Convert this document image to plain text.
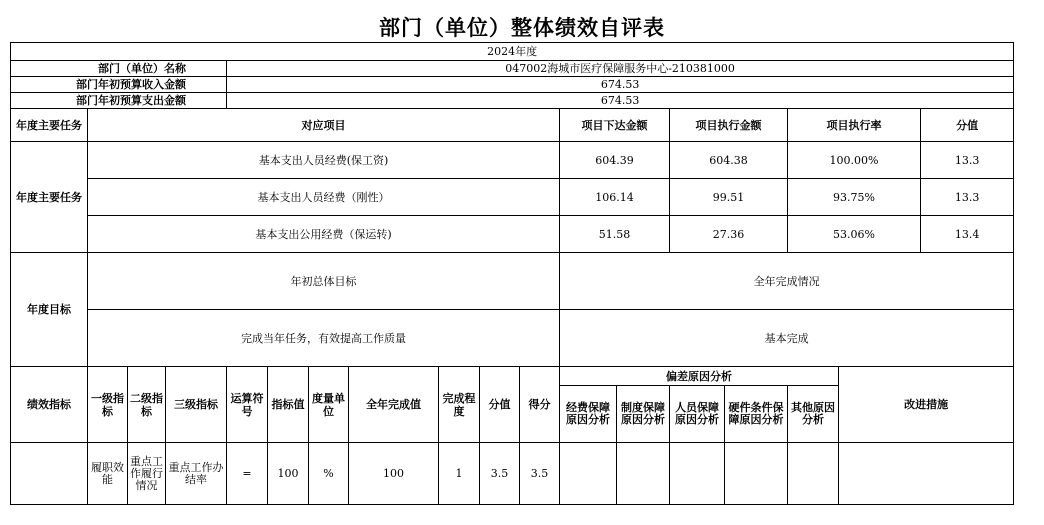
部门（单位）整体绩效自评表
2024年度																		
部门（单位）名称				047002海城市医疗保障服务中心-210381000														
部门年初预算收入金额				674.53														
部门年初预算支出金额				674.53														
年度主要任务	对应项目										项目下达金额		项目执行金额		项目执行率		分值	
年度主要任务	基本支出人员经费(保工资)										604.39		604.38		100.00%		13.3	
	基本支出人员经费（刚性）										106.14		99.51		93.75%		13.3	
	基本支出公用经费（保运转)										51.58		27.36		53.06%		13.4	
年度目标	年初总体目标										全年完成情况							
	完成当年任务，有效提高工作质量										基本完成							
绩效指标	一级指标	二级指标	三级指标	运算符号	指标值	度量单位	全年完成值	完成程度	分值	得分	偏差原因分析					改进措施		
											经费保障原因分析	制度保障原因分析	人员保障原因分析	硬件条件保障原因分析	其他原因分析			
	履职效能	重点工作履行情况	重点工作办结率	=	100	%	100	1	3.5	3.5								
